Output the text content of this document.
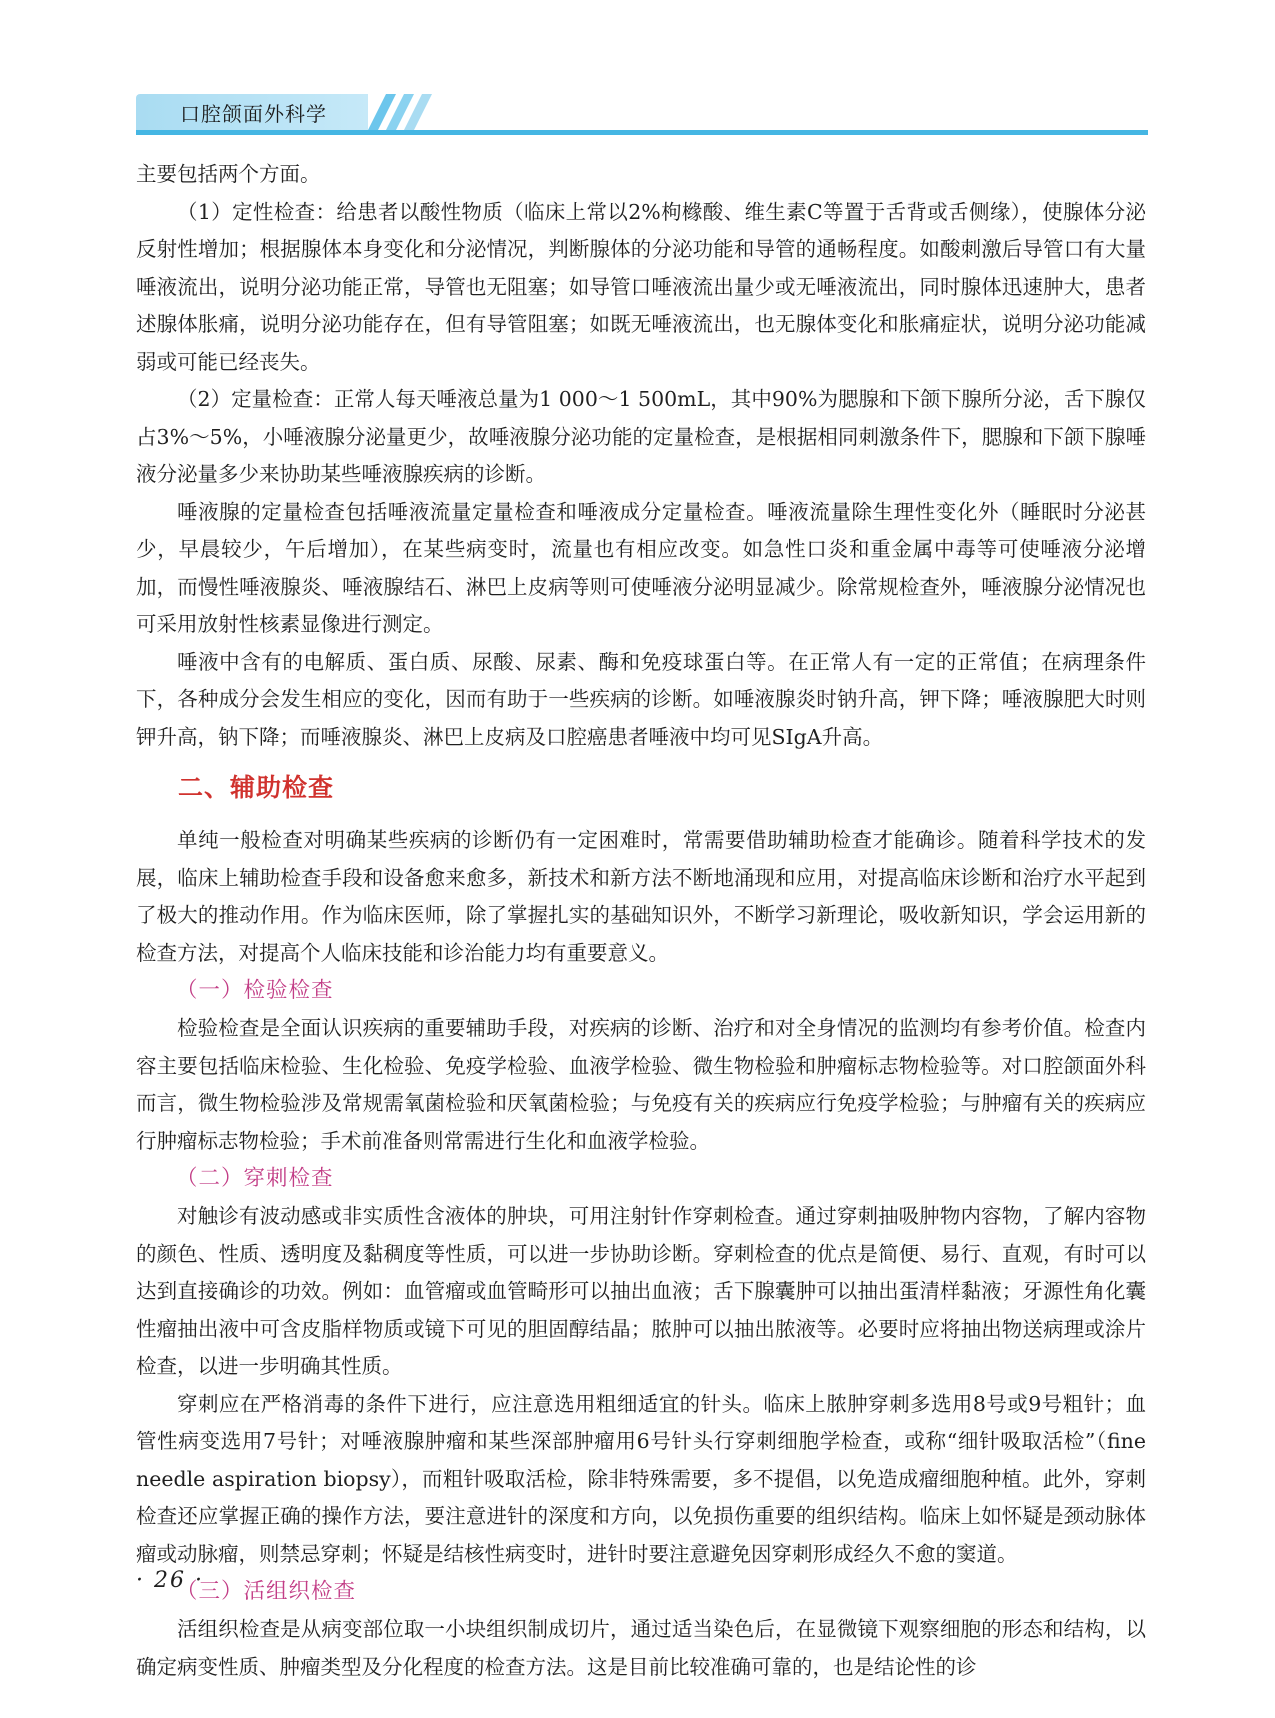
口腔颌面外科学

主要包括两个方面。

（1）定性检查：给患者以酸性物质（临床上常以2%枸橼酸、维生素C等置于舌背或舌侧缘），使腺体分泌反射性增加；根据腺体本身变化和分泌情况，判断腺体的分泌功能和导管的通畅程度。如酸刺激后导管口有大量唾液流出，说明分泌功能正常，导管也无阻塞；如导管口唾液流出量少或无唾液流出，同时腺体迅速肿大，患者述腺体胀痛，说明分泌功能存在，但有导管阻塞；如既无唾液流出，也无腺体变化和胀痛症状，说明分泌功能减弱或可能已经丧失。

（2）定量检查：正常人每天唾液总量为1 000～1 500mL，其中90%为腮腺和下颌下腺所分泌，舌下腺仅占3%～5%，小唾液腺分泌量更少，故唾液腺分泌功能的定量检查，是根据相同刺激条件下，腮腺和下颌下腺唾液分泌量多少来协助某些唾液腺疾病的诊断。

唾液腺的定量检查包括唾液流量定量检查和唾液成分定量检查。唾液流量除生理性变化外（睡眠时分泌甚少，早晨较少，午后增加），在某些病变时，流量也有相应改变。如急性口炎和重金属中毒等可使唾液分泌增加，而慢性唾液腺炎、唾液腺结石、淋巴上皮病等则可使唾液分泌明显减少。除常规检查外，唾液腺分泌情况也可采用放射性核素显像进行测定。

唾液中含有的电解质、蛋白质、尿酸、尿素、酶和免疫球蛋白等。在正常人有一定的正常值；在病理条件下，各种成分会发生相应的变化，因而有助于一些疾病的诊断。如唾液腺炎时钠升高，钾下降；唾液腺肥大时则钾升高，钠下降；而唾液腺炎、淋巴上皮病及口腔癌患者唾液中均可见SIgA升高。

二、辅助检查

单纯一般检查对明确某些疾病的诊断仍有一定困难时，常需要借助辅助检查才能确诊。随着科学技术的发展，临床上辅助检查手段和设备愈来愈多，新技术和新方法不断地涌现和应用，对提高临床诊断和治疗水平起到了极大的推动作用。作为临床医师，除了掌握扎实的基础知识外，不断学习新理论，吸收新知识，学会运用新的检查方法，对提高个人临床技能和诊治能力均有重要意义。

（一）检验检查

检验检查是全面认识疾病的重要辅助手段，对疾病的诊断、治疗和对全身情况的监测均有参考价值。检查内容主要包括临床检验、生化检验、免疫学检验、血液学检验、微生物检验和肿瘤标志物检验等。对口腔颌面外科而言，微生物检验涉及常规需氧菌检验和厌氧菌检验；与免疫有关的疾病应行免疫学检验；与肿瘤有关的疾病应行肿瘤标志物检验；手术前准备则常需进行生化和血液学检验。

（二）穿刺检查

对触诊有波动感或非实质性含液体的肿块，可用注射针作穿刺检查。通过穿刺抽吸肿物内容物，了解内容物的颜色、性质、透明度及黏稠度等性质，可以进一步协助诊断。穿刺检查的优点是简便、易行、直观，有时可以达到直接确诊的功效。例如：血管瘤或血管畸形可以抽出血液；舌下腺囊肿可以抽出蛋清样黏液；牙源性角化囊性瘤抽出液中可含皮脂样物质或镜下可见的胆固醇结晶；脓肿可以抽出脓液等。必要时应将抽出物送病理或涂片检查，以进一步明确其性质。

穿刺应在严格消毒的条件下进行，应注意选用粗细适宜的针头。临床上脓肿穿刺多选用8号或9号粗针；血管性病变选用7号针；对唾液腺肿瘤和某些深部肿瘤用6号针头行穿刺细胞学检查，或称“细针吸取活检”（fine needle aspiration biopsy），而粗针吸取活检，除非特殊需要，多不提倡，以免造成瘤细胞种植。此外，穿刺检查还应掌握正确的操作方法，要注意进针的深度和方向，以免损伤重要的组织结构。临床上如怀疑是颈动脉体瘤或动脉瘤，则禁忌穿刺；怀疑是结核性病变时，进针时要注意避免因穿刺形成经久不愈的窦道。

（三）活组织检查

活组织检查是从病变部位取一小块组织制成切片，通过适当染色后，在显微镜下观察细胞的形态和结构，以确定病变性质、肿瘤类型及分化程度的检查方法。这是目前比较准确可靠的，也是结论性的诊

· 26 ·
